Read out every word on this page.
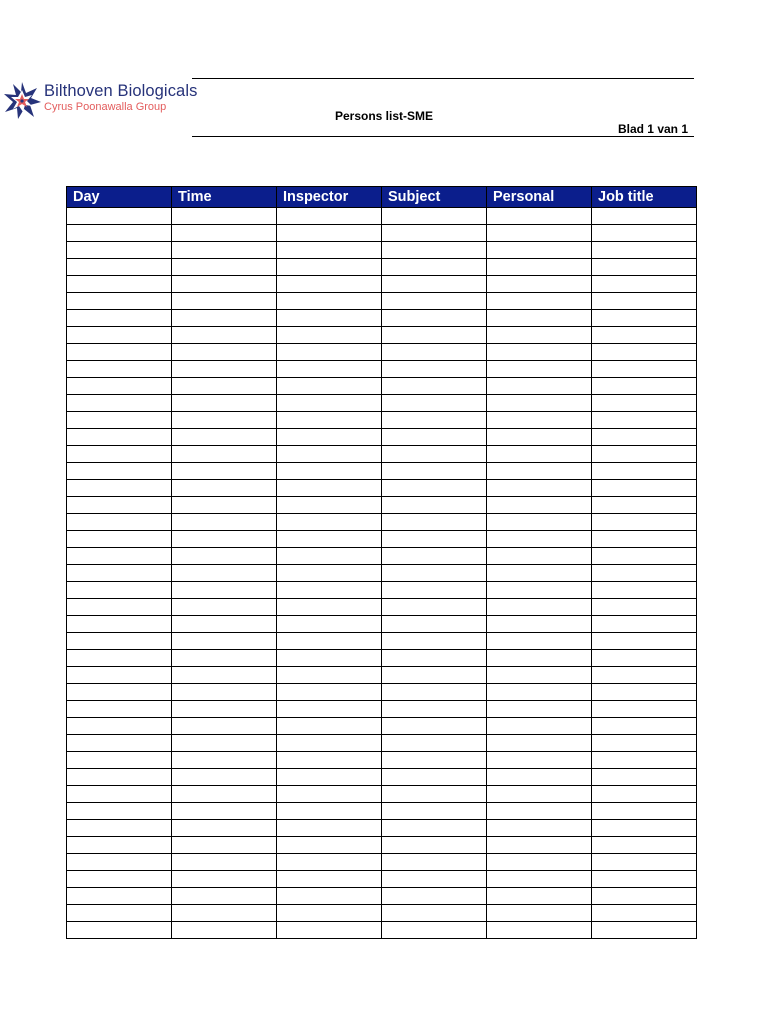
Bilthoven Biologicals
Cyrus Poonawalla Group
Persons list-SME
Blad 1 van 1
Day	Time	Inspector	Subject	Personal	Job title
